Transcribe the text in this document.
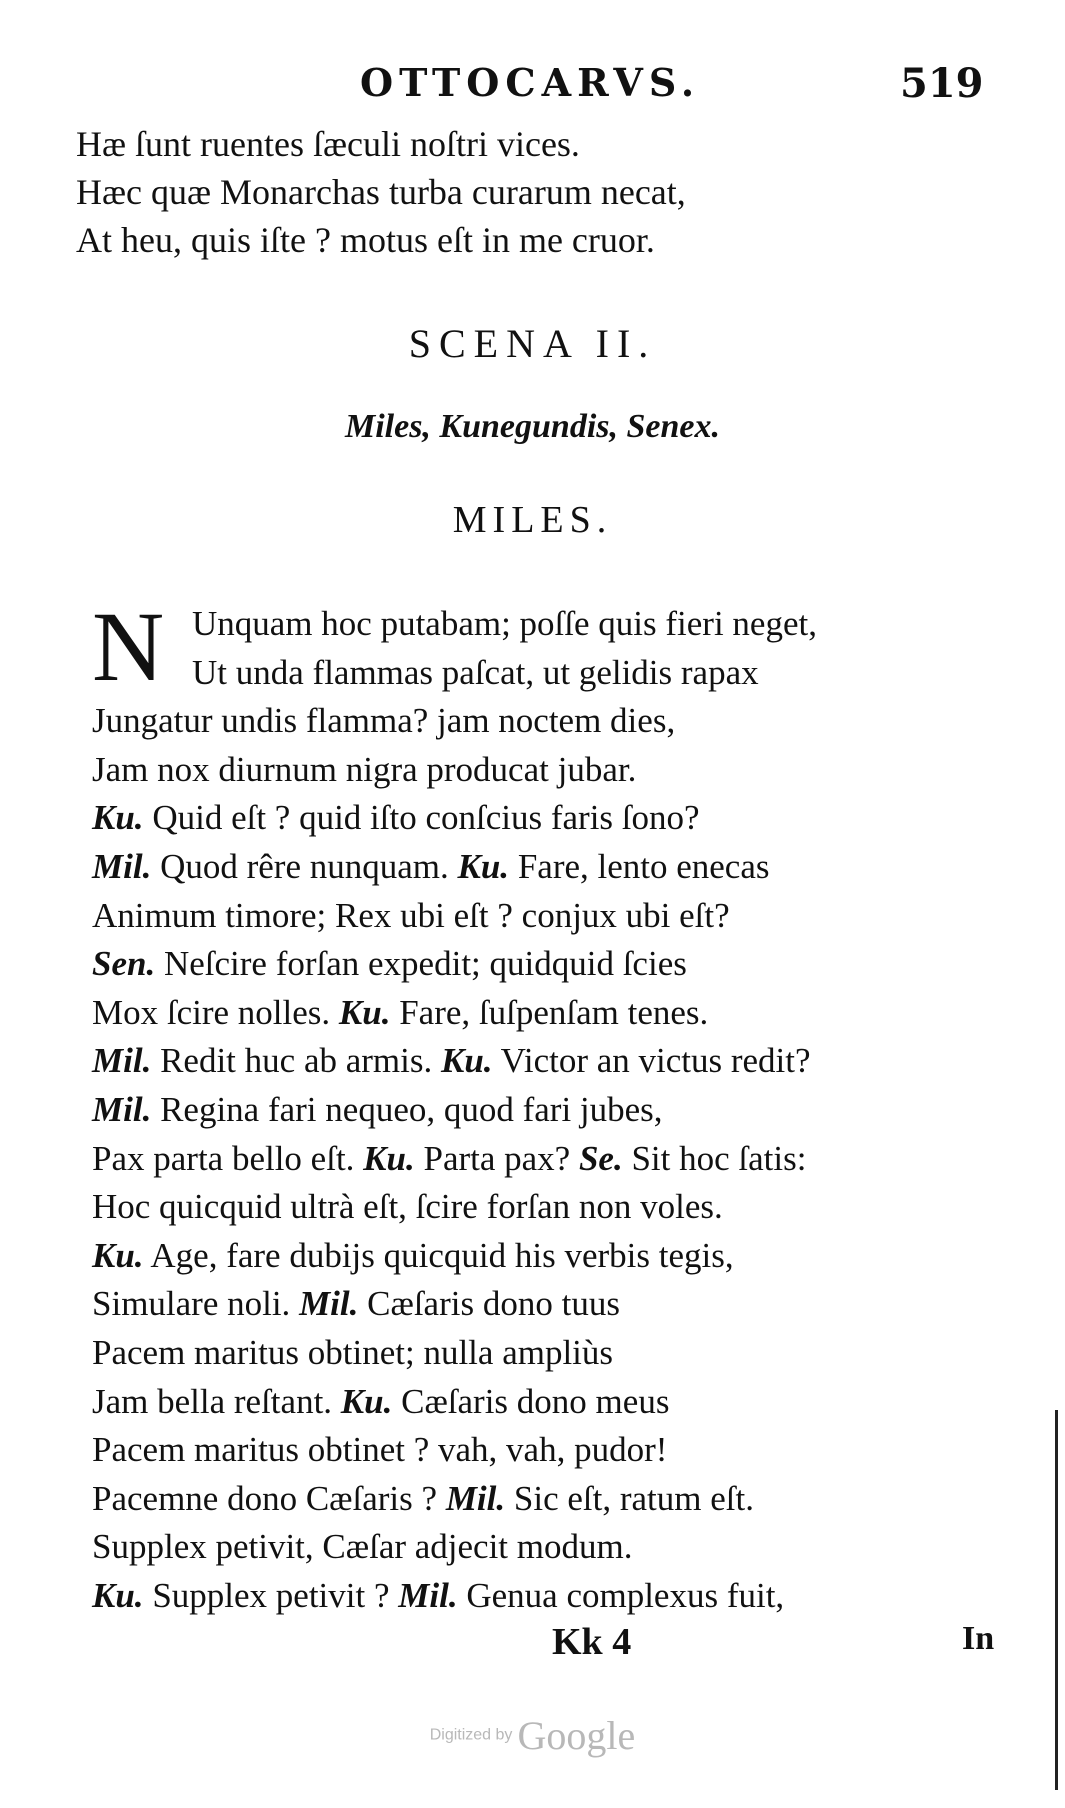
OTTOCARVS.	519
Hæ ſunt ruentes ſæculi noſtri vices.
Hæc quæ Monarchas turba curarum necat,
At heu, quis iſte ? motus eſt in me cruor.
SCENA II.
Miles, Kunegundis, Senex.
MILES.
N Unquam hoc putabam; poſſe quis fieri neget,
Ut unda flammas paſcat, ut gelidis rapax
Jungatur undis flamma? jam noctem dies,
Jam nox diurnum nigra producat jubar.
Ku. Quid eſt ? quid iſto conſcius faris ſono?
Mil. Quod rêre nunquam. Ku. Fare, lento enecas
Animum timore; Rex ubi eſt ? conjux ubi eſt?
Sen. Neſcire forſan expedit; quidquid ſcies
Mox ſcire nolles. Ku. Fare, ſuſpenſam tenes.
Mil. Redit huc ab armis. Ku. Victor an victus redit?
Mil. Regina fari nequeo, quod fari jubes,
Pax parta bello eſt. Ku. Parta pax? Se. Sit hoc ſatis:
Hoc quicquid ultrà eſt, ſcire forſan non voles.
Ku. Age, fare dubijs quicquid his verbis tegis,
Simulare noli. Mil. Cæſaris dono tuus
Pacem maritus obtinet; nulla ampliùs
Jam bella reſtant. Ku. Cæſaris dono meus
Pacem maritus obtinet ? vah, vah, pudor!
Pacemne dono Cæſaris ? Mil. Sic eſt, ratum eſt.
Supplex petivit, Cæſar adjecit modum.
Ku. Supplex petivit ? Mil. Genua complexus fuit,
Kk 4	In
Digitized by Google
